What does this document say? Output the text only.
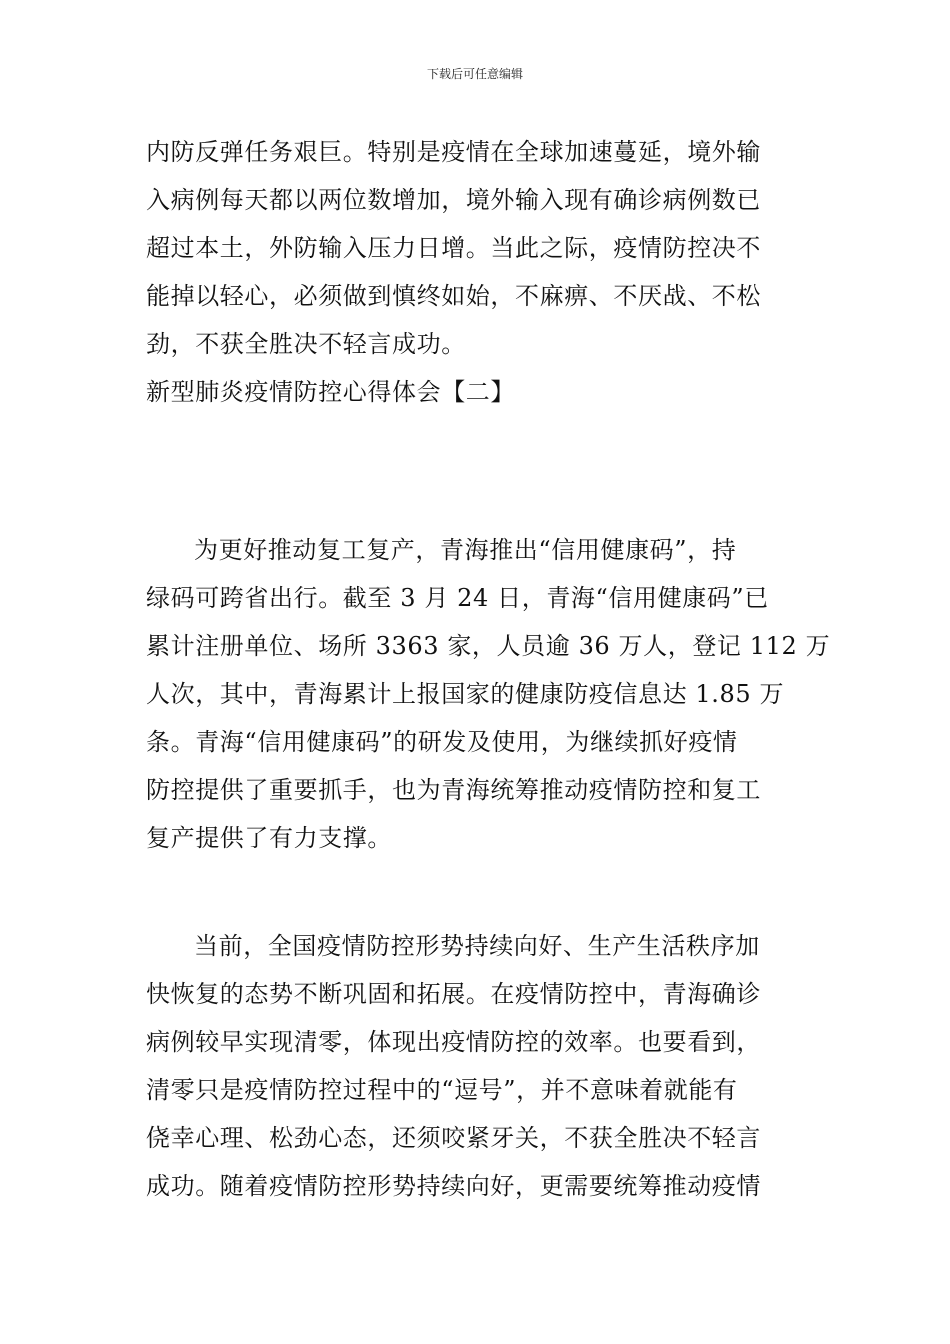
下载后可任意编辑
内防反弹任务艰巨。特别是疫情在全球加速蔓延，境外输
入病例每天都以两位数增加，境外输入现有确诊病例数已
超过本土，外防输入压力日增。当此之际，疫情防控决不
能掉以轻心，必须做到慎终如始，不麻痹、不厌战、不松
劲，不获全胜决不轻言成功。
新型肺炎疫情防控心得体会【二】
为更好推动复工复产，青海推出“信用健康码”，持
绿码可跨省出行。截至 3 月 24 日，青海“信用健康码”已
累计注册单位、场所 3363 家，人员逾 36 万人，登记 112 万
人次，其中，青海累计上报国家的健康防疫信息达 1.85 万
条。青海“信用健康码”的研发及使用，为继续抓好疫情
防控提供了重要抓手，也为青海统筹推动疫情防控和复工
复产提供了有力支撑。
当前，全国疫情防控形势持续向好、生产生活秩序加
快恢复的态势不断巩固和拓展。在疫情防控中，青海确诊
病例较早实现清零，体现出疫情防控的效率。也要看到，
清零只是疫情防控过程中的“逗号”，并不意味着就能有
侥幸心理、松劲心态，还须咬紧牙关，不获全胜决不轻言
成功。随着疫情防控形势持续向好，更需要统筹推动疫情
